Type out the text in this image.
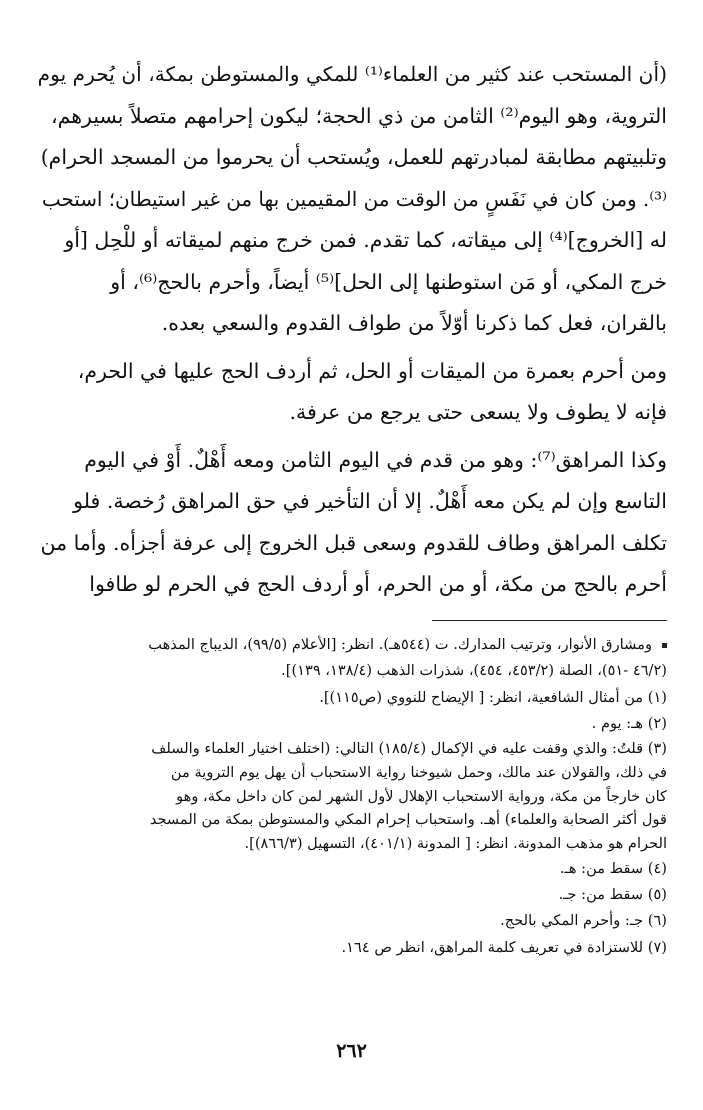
(أن المستحب عند كثير من العلماء⁽¹⁾ للمكي والمستوطن بمكة، أن يُحرم يوم

التروية، وهو اليوم⁽²⁾ الثامن من ذي الحجة؛ ليكون إحرامهم متصلاً بسيرهم،

وتلبيتهم مطابقة لمبادرتهم للعمل، ويُستحب أن يحرموا من المسجد الحرام)

⁽³⁾. ومن كان في نَفَسٍ من الوقت من المقيمين بها من غير استيطان؛ استحب

له [الخروج]⁽⁴⁾ إلى ميقاته، كما تقدم. فمن خرج منهم لميقاته أو للْحِل [أو

خرج المكي، أو مَن استوطنها إلى الحل]⁽⁵⁾ أيضاً، وأحرم بالحج⁽⁶⁾، أو

بالقران، فعل كما ذكرنا أوّلاً من طواف القدوم والسعي بعده.

ومن أحرم بعمرة من الميقات أو الحل، ثم أردف الحج عليها في الحرم،

فإنه لا يطوف ولا يسعى حتى يرجع من عرفة.

وكذا المراهق⁽⁷⁾: وهو من قدم في اليوم الثامن ومعه أَهْلٌ. أَوْ في اليوم

التاسع وإن لم يكن معه أَهْلٌ. إلا أن التأخير في حق المراهق رُخصة. فلو

تكلف المراهق وطاف للقدوم وسعى قبل الخروج إلى عرفة أجزأه. وأما من

أحرم بالحج من مكة، أو من الحرم، أو أردف الحج في الحرم لو طافوا

ومشارق الأنوار، وترتيب المدارك. ت (٥٤٤هـ). انظر: [الأعلام (٩٩/٥)، الديباج المذهب

(٤٦/٢ -٥١)، الصلة (٤٥٣/٢، ٤٥٤)، شذرات الذهب (١٣٨/٤، ١٣٩)].

(١) من أمثال الشافعية، انظر: [ الإيضاح للنووي (ص١١٥)].

(٢) هـ: يوم .

(٣) قلتُ: والذي وقفت عليه في الإكمال (١٨٥/٤) التالي: (اختلف اختيار العلماء والسلف

في ذلك، والقولان عند مالك، وحمل شيوخنا رواية الاستحباب أن يهل يوم التروية من

كان خارجاً من مكة، ورواية الاستحباب الإهلال لأول الشهر لمن كان داخل مكة، وهو

قول أكثر الصحابة والعلماء) أهـ. واستحباب إحرام المكي والمستوطن بمكة من المسجد

الحرام هو مذهب المدونة. انظر: [ المدونة (٤٠١/١)، التسهيل (٨٦٦/٣)].

(٤) سقط من: هـ.

(٥) سقط من: جـ.

(٦) جـ: وأحرم المكي بالحج.

(٧) للاستزادة في تعريف كلمة المراهق، انظر ص ١٦٤.

٢٦٢
